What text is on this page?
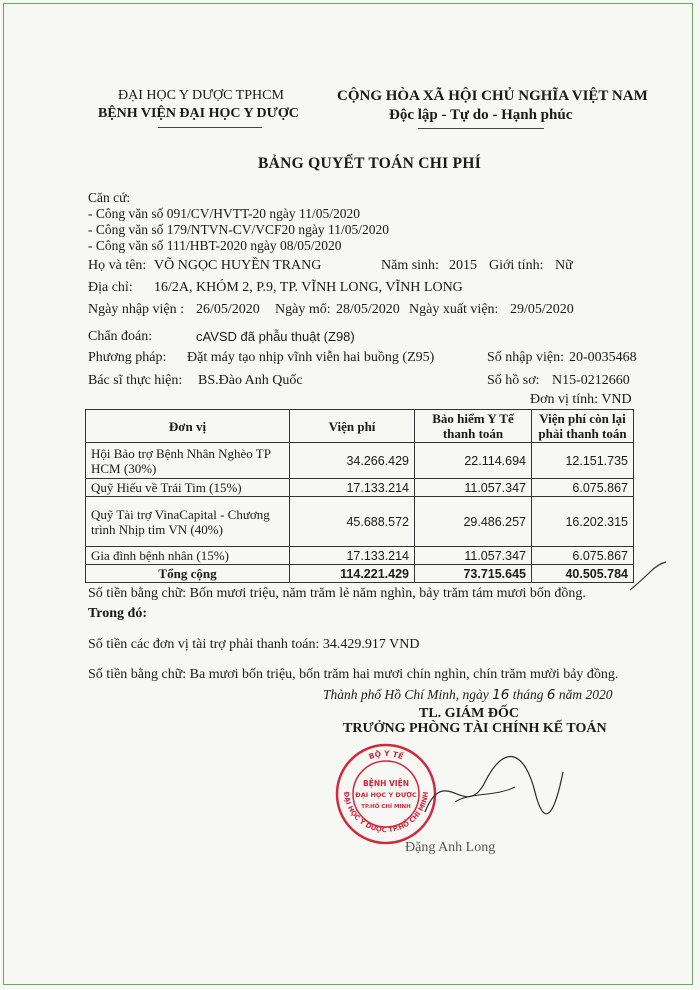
ĐẠI HỌC Y DƯỢC TPHCM
BỆNH VIỆN ĐẠI HỌC Y DƯỢC
CỘNG HÒA XÃ HỘI CHỦ NGHĨA VIỆT NAM
Độc lập - Tự do - Hạnh phúc
BẢNG QUYẾT TOÁN CHI PHÍ
Căn cứ:
- Công văn số 091/CV/HVTT-20 ngày 11/05/2020
- Công văn số 179/NTVN-CV/VCF20 ngày 11/05/2020
- Công văn số 111/HBT-2020 ngày 08/05/2020
Họ và tên: VÕ NGỌC HUYỀN TRANG	Năm sinh: 2015 Giới tính: Nữ
Địa chỉ: 16/2A, KHÓM 2, P.9, TP. VĨNH LONG, VĨNH LONG
Ngày nhập viện : 26/05/2020 Ngày mổ: 28/05/2020 Ngày xuất viện: 29/05/2020
Chẩn đoán:	cAVSD đã phẫu thuật (Z98)
Phương pháp: Đặt máy tạo nhịp vĩnh viễn hai buồng (Z95)	Số nhập viện: 20-0035468
Bác sĩ thực hiện: BS.Đào Anh Quốc	Số hồ sơ: N15-0212660
Đơn vị tính: VND
Đơn vị	Viện phí	Bảo hiểm Y Tế thanh toán	Viện phí còn lại phải thanh toán
Hội Bảo trợ Bệnh Nhân Nghèo TP HCM (30%)	34.266.429	22.114.694	12.151.735
Quỹ Hiếu về Trái Tim (15%)	17.133.214	11.057.347	6.075.867
Quỹ Tài trợ VinaCapital - Chương trình Nhịp tim VN (40%)	45.688.572	29.486.257	16.202.315
Gia đình bệnh nhân (15%)	17.133.214	11.057.347	6.075.867
Tổng cộng	114.221.429	73.715.645	40.505.784
Số tiền bằng chữ: Bốn mươi triệu, năm trăm lẻ năm nghìn, bảy trăm tám mươi bốn đồng.
Trong đó:
Số tiền các đơn vị tài trợ phải thanh toán: 34.429.917 VND
Số tiền bằng chữ: Ba mươi bốn triệu, bốn trăm hai mươi chín nghìn, chín trăm mười bảy đồng.
Thành phố Hồ Chí Minh, ngày 16 tháng 6 năm 2020
TL. GIÁM ĐỐC
TRƯỞNG PHÒNG TÀI CHÍNH KẾ TOÁN
BỘ Y TẾ
ĐẠI HỌC Y DƯỢC TP.HỒ CHÍ MINH
BỆNH VIỆN
ĐẠI HỌC Y DƯỢC
TP.HỒ CHÍ MINH
Đặng Anh Long
